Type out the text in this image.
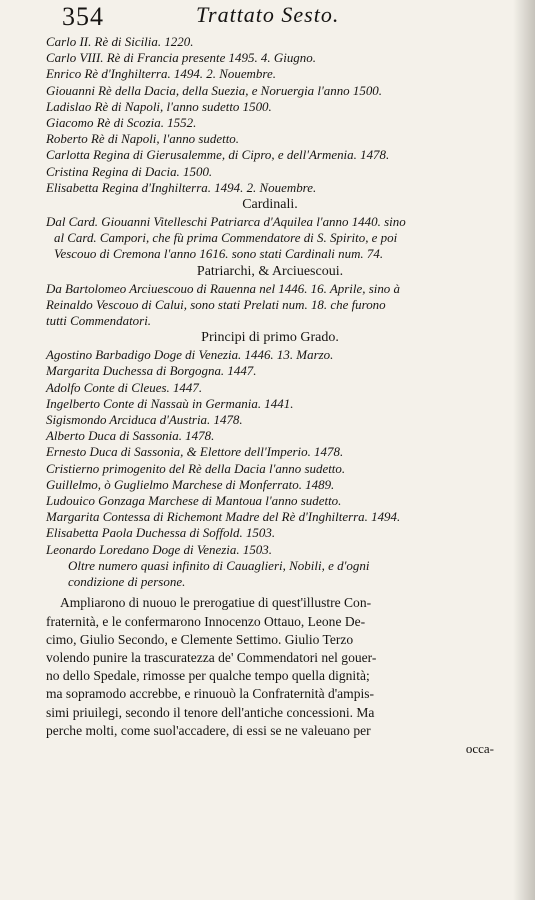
354	Trattato Sesto.
Carlo II. Rè di Sicilia. 1220.
Carlo VIII. Rè di Francia presente 1495. 4. Giugno.
Enrico Rè d'Inghilterra. 1494. 2. Nouembre.
Giouanni Rè della Dacia, della Suezia, e Noruergia l'anno 1500.
Ladislao Rè di Napoli, l'anno sudetto 1500.
Giacomo Rè di Scozia. 1552.
Roberto Rè di Napoli, l'anno sudetto.
Carlotta Regina di Gierusalemme, di Cipro, e dell'Armenia. 1478.
Cristina Regina di Dacia. 1500.
Elisabetta Regina d'Inghilterra. 1494. 2. Nouembre.
Cardinali.
Dal Card. Giouanni Vitelleschi Patriarca d'Aquilea l'anno 1440. sino
al Card. Campori, che fù prima Commendatore di S. Spirito, e poi
Vescouo di Cremona l'anno 1616. sono stati Cardinali num. 74.
Patriarchi, & Arciuescoui.
Da Bartolomeo Arciuescouo di Rauenna nel 1446. 16. Aprile, sino à
Reinaldo Vescouo di Calui, sono stati Prelati num. 18. che furono
tutti Commendatori.
Principi di primo Grado.
Agostino Barbadigo Doge di Venezia. 1446. 13. Marzo.
Margarita Duchessa di Borgogna. 1447.
Adolfo Conte di Cleues. 1447.
Ingelberto Conte di Nassaù in Germania. 1441.
Sigismondo Arciduca d'Austria. 1478.
Alberto Duca di Sassonia. 1478.
Ernesto Duca di Sassonia, & Elettore dell'Imperio. 1478.
Cristierno primogenito del Rè della Dacia l'anno sudetto.
Guillelmo, ò Guglielmo Marchese di Monferrato. 1489.
Ludouico Gonzaga Marchese di Mantoua l'anno sudetto.
Margarita Contessa di Richemont Madre del Rè d'Inghilterra. 1494.
Elisabetta Paola Duchessa di Soffold. 1503.
Leonardo Loredano Doge di Venezia. 1503.
Oltre numero quasi infinito di Cauaglieri, Nobili, e d'ogni
condizione di persone.
Ampliarono di nuouo le prerogatiue di quest'illustre Con-
fraternità, e le confermarono Innocenzo Ottauo, Leone De-
cimo, Giulio Secondo, e Clemente Settimo. Giulio Terzo
volendo punire la trascuratezza de' Commendatori nel gouer-
no dello Spedale, rimosse per qualche tempo quella dignità;
ma sopramodo accrebbe, e rinuouò la Confraternità d'ampis-
simi priuilegi, secondo il tenore dell'antiche concessioni. Ma
perche molti, come suol'accadere, di essi se ne valeuano per
occa-
